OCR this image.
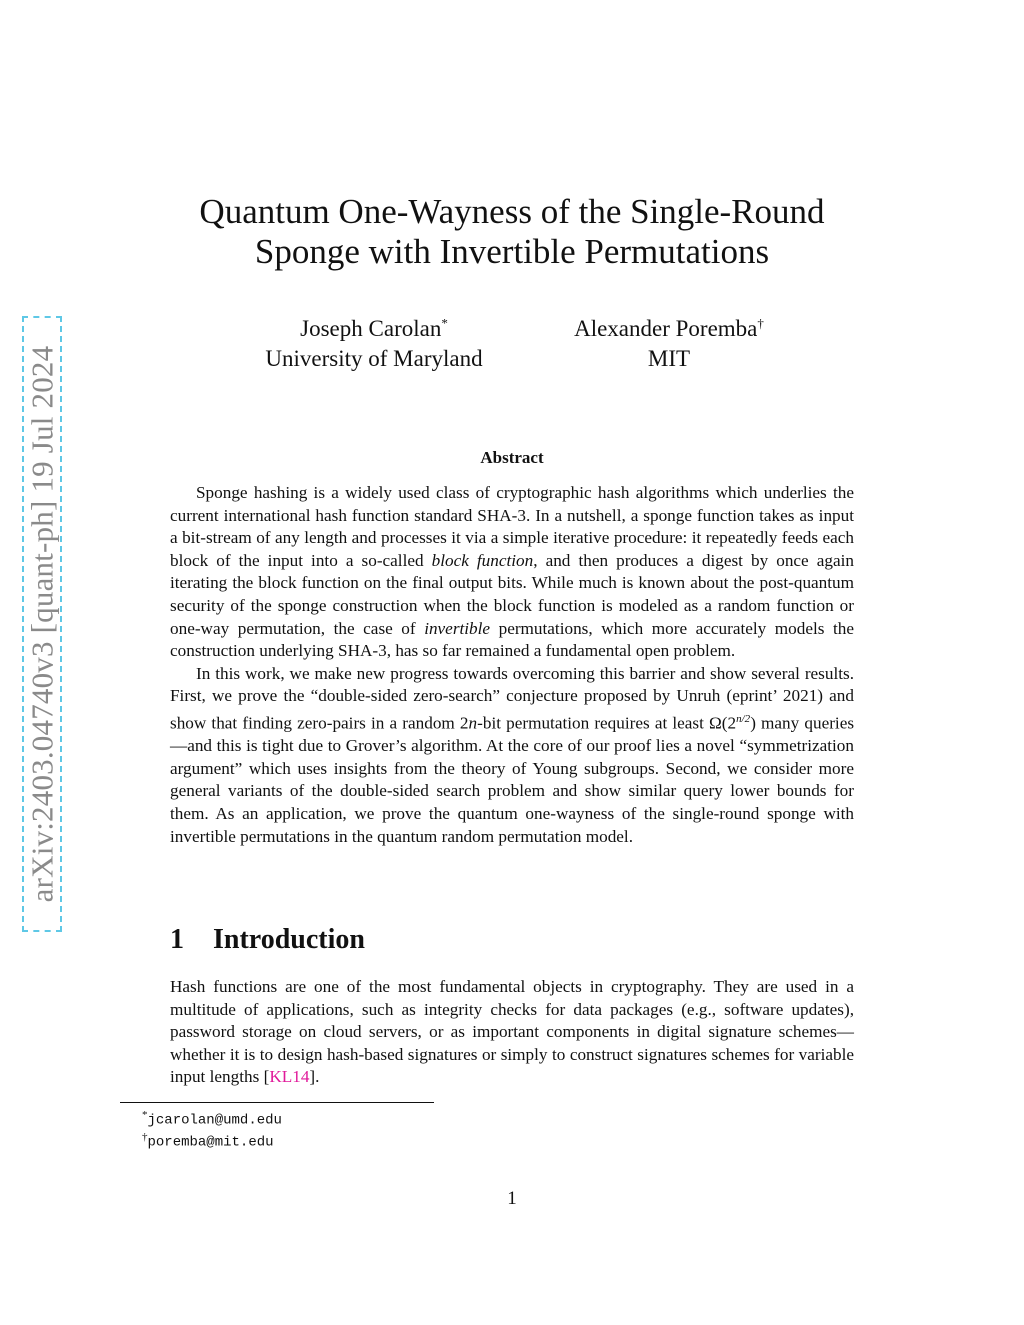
arXiv:2403.04740v3 [quant-ph] 19 Jul 2024
Quantum One-Wayness of the Single-Round
Sponge with Invertible Permutations
Joseph Carolan*
University of Maryland
Alexander Poremba†
MIT
Abstract

Sponge hashing is a widely used class of cryptographic hash algorithms which underlies the current international hash function standard SHA-3. In a nutshell, a sponge function takes as input a bit-stream of any length and processes it via a simple iterative procedure: it repeatedly feeds each block of the input into a so-called block function, and then produces a digest by once again iterating the block function on the final output bits. While much is known about the post-quantum security of the sponge construction when the block function is modeled as a random function or one-way permutation, the case of invertible permutations, which more accurately models the construction underlying SHA-3, has so far remained a fundamental open problem.

In this work, we make new progress towards overcoming this barrier and show several results. First, we prove the “double-sided zero-search” conjecture proposed by Unruh (eprint’ 2021) and show that finding zero-pairs in a random 2n-bit permutation requires at least $\Omega(2^{n/2})$ many queries—and this is tight due to Grover’s algorithm. At the core of our proof lies a novel “symmetrization argument” which uses insights from the theory of Young subgroups. Second, we consider more general variants of the double-sided search problem and show similar query lower bounds for them. As an application, we prove the quantum one-wayness of the single-round sponge with invertible permutations in the quantum random permutation model.

1 Introduction

Hash functions are one of the most fundamental objects in cryptography. They are used in a multitude of applications, such as integrity checks for data packages (e.g., software updates), password storage on cloud servers, or as important components in digital signature schemes—whether it is to design hash-based signatures or simply to construct signatures schemes for variable input lengths [KL14].

*jcarolan@umd.edu
†poremba@mit.edu
1
